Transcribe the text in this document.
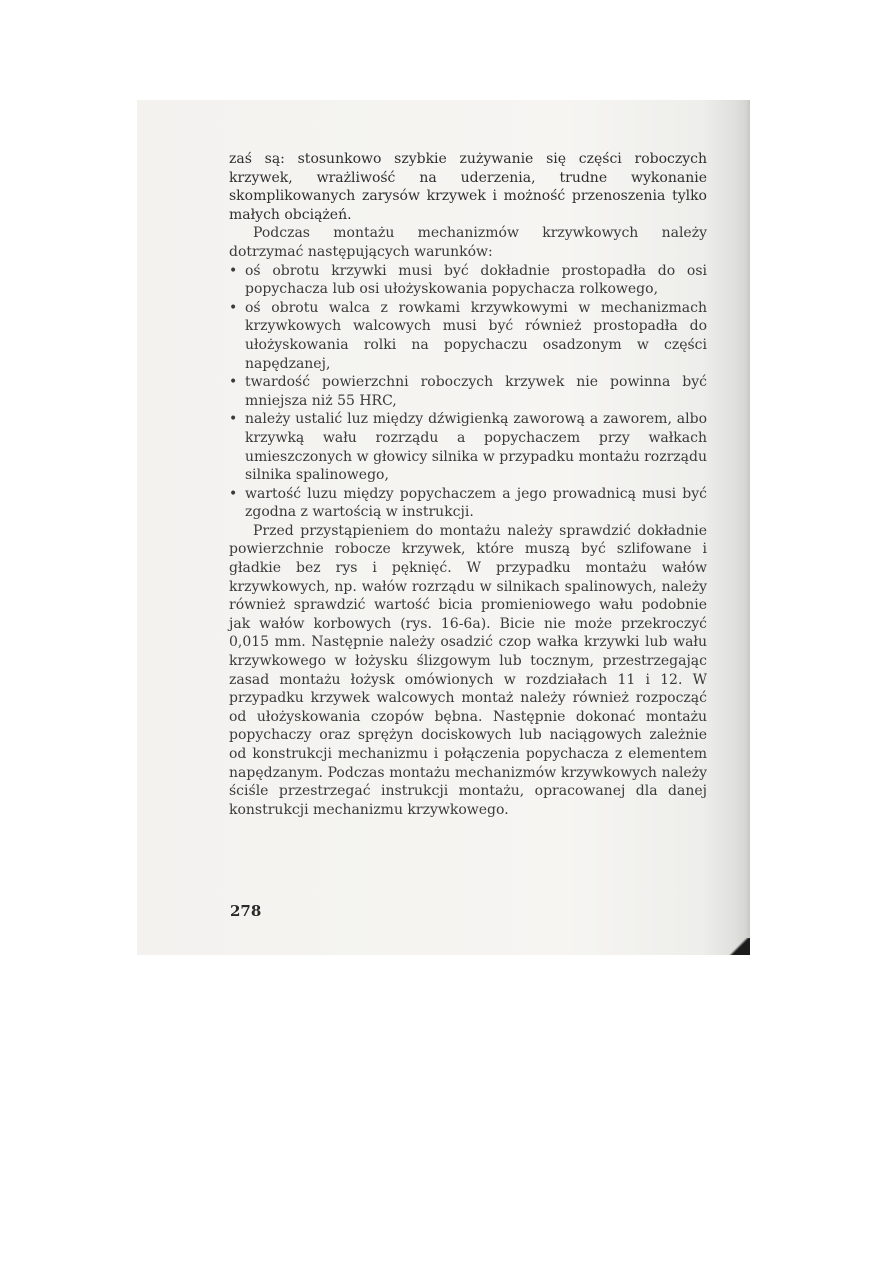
zaś są: stosunkowo szybkie zużywanie się części roboczych krzywek, wrażliwość na uderzenia, trudne wykonanie skomplikowanych zarysów krzywek i możność przenoszenia tylko małych obciążeń.

Podczas montażu mechanizmów krzywkowych należy dotrzymać następujących warunków:

• oś obrotu krzywki musi być dokładnie prostopadła do osi popychacza lub osi ułożyskowania popychacza rolkowego,
• oś obrotu walca z rowkami krzywkowymi w mechanizmach krzywkowych walcowych musi być również prostopadła do ułożyskowania rolki na popychaczu osadzonym w części napędzanej,
• twardość powierzchni roboczych krzywek nie powinna być mniejsza niż 55 HRC,
• należy ustalić luz między dźwigienką zaworową a zaworem, albo krzywką wału rozrządu a popychaczem przy wałkach umieszczonych w głowicy silnika w przypadku montażu rozrządu silnika spalinowego,
• wartość luzu między popychaczem a jego prowadnicą musi być zgodna z wartością w instrukcji.

Przed przystąpieniem do montażu należy sprawdzić dokładnie powierzchnie robocze krzywek, które muszą być szlifowane i gładkie bez rys i pęknięć. W przypadku montażu wałów krzywkowych, np. wałów rozrządu w silnikach spalinowych, należy również sprawdzić wartość bicia promieniowego wału podobnie jak wałów korbowych (rys. 16-6a). Bicie nie może przekroczyć 0,015 mm. Następnie należy osadzić czop wałka krzywki lub wału krzywkowego w łożysku ślizgowym lub tocznym, przestrzegając zasad montażu łożysk omówionych w rozdziałach 11 i 12. W przypadku krzywek walcowych montaż należy również rozpocząć od ułożyskowania czopów bębna. Następnie dokonać montażu popychaczy oraz sprężyn dociskowych lub naciągowych zależnie od konstrukcji mechanizmu i połączenia popychacza z elementem napędzanym. Podczas montażu mechanizmów krzywkowych należy ściśle przestrzegać instrukcji montażu, opracowanej dla danej konstrukcji mechanizmu krzywkowego.

278
